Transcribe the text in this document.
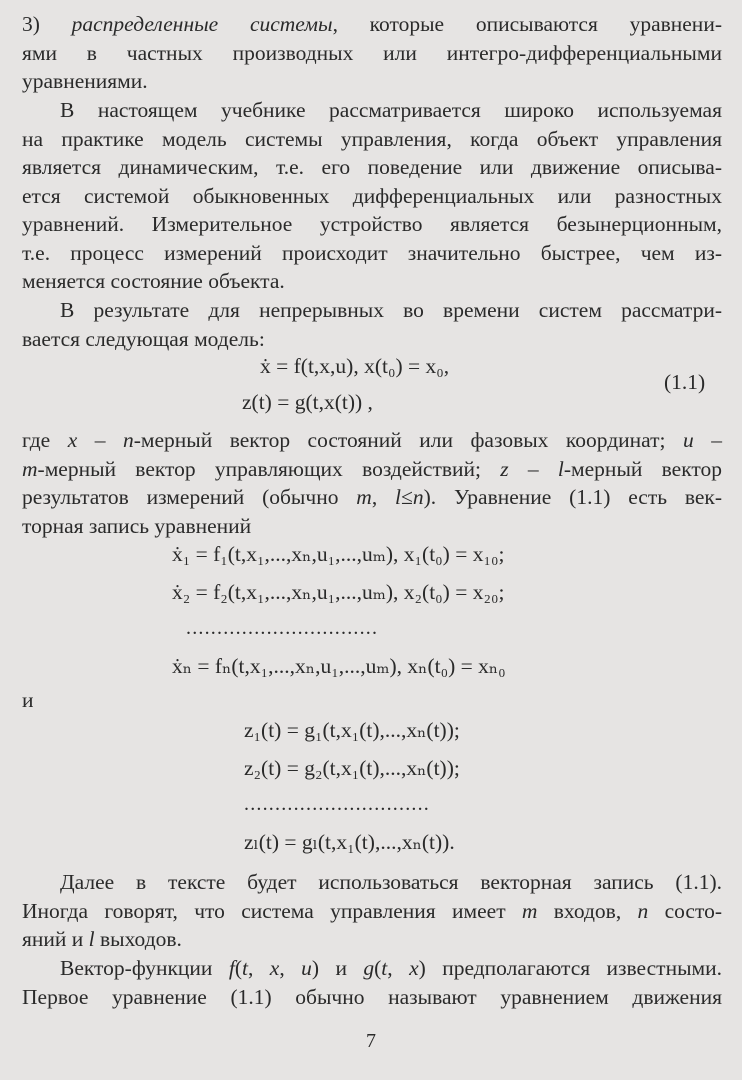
3) распределенные системы, которые описываются уравнени-
ями в частных производных или интегро-дифференциальными
уравнениями.
В настоящем учебнике рассматривается широко используемая
на практике модель системы управления, когда объект управления
является динамическим, т.е. его поведение или движение описыва-
ется системой обыкновенных дифференциальных или разностных
уравнений. Измерительное устройство является безынерционным,
т.е. процесс измерений происходит значительно быстрее, чем из-
меняется состояние объекта.
В результате для непрерывных во времени систем рассматри-
вается следующая модель:
ẋ = f(t,x,u), x(t₀) = x₀,
z(t) = g(t,x(t)) ,
(1.1)
где x – n-мерный вектор состояний или фазовых координат; u –
m-мерный вектор управляющих воздействий; z – l-мерный вектор
результатов измерений (обычно m, l≤n). Уравнение (1.1) есть век-
торная запись уравнений
ẋ₁ = f₁(t,x₁,...,xₙ,u₁,...,uₘ), x₁(t₀) = x₁₀;
ẋ₂ = f₂(t,x₁,...,xₙ,u₁,...,uₘ), x₂(t₀) = x₂₀;
...............................
ẋₙ = fₙ(t,x₁,...,xₙ,u₁,...,uₘ), xₙ(t₀) = xₙ₀
и
z₁(t) = g₁(t,x₁(t),...,xₙ(t));
z₂(t) = g₂(t,x₁(t),...,xₙ(t));
..............................
zₗ(t) = gₗ(t,x₁(t),...,xₙ(t)).
Далее в тексте будет использоваться векторная запись (1.1).
Иногда говорят, что система управления имеет m входов, n состо-
яний и l выходов.
Вектор-функции f(t, x, u) и g(t, x) предполагаются известными.
Первое уравнение (1.1) обычно называют уравнением движения
7
